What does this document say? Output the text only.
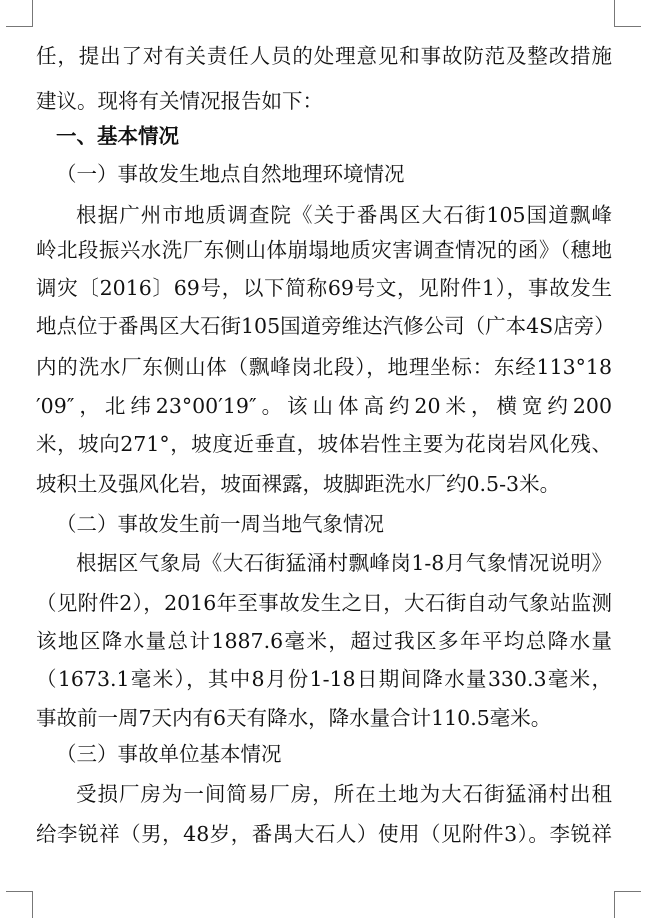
任，提出了对有关责任人员的处理意见和事故防范及整改措施
建议。现将有关情况报告如下：
一、基本情况
（一）事故发生地点自然地理环境情况
根据广州市地质调查院《关于番禺区大石街105国道飘峰
岭北段振兴水洗厂东侧山体崩塌地质灾害调查情况的函》（穗地
调灾〔2016〕69号，以下简称69号文，见附件1），事故发生
地点位于番禺区大石街105国道旁维达汽修公司（广本4S店旁）
内的洗水厂东侧山体（飘峰岗北段），地理坐标：东经113°18
′09″，北纬23°00′19″。该山体高约20米，横宽约200
米，坡向271°，坡度近垂直，坡体岩性主要为花岗岩风化残、
坡积土及强风化岩，坡面裸露，坡脚距洗水厂约0.5-3米。
（二）事故发生前一周当地气象情况
根据区气象局《大石街猛涌村飘峰岗1-8月气象情况说明》
（见附件2），2016年至事故发生之日，大石街自动气象站监测
该地区降水量总计1887.6毫米，超过我区多年平均总降水量
（1673.1毫米），其中8月份1-18日期间降水量330.3毫米，
事故前一周7天内有6天有降水，降水量合计110.5毫米。
（三）事故单位基本情况
受损厂房为一间简易厂房，所在土地为大石街猛涌村出租
给李锐祥（男，48岁，番禺大石人）使用（见附件3）。李锐祥
